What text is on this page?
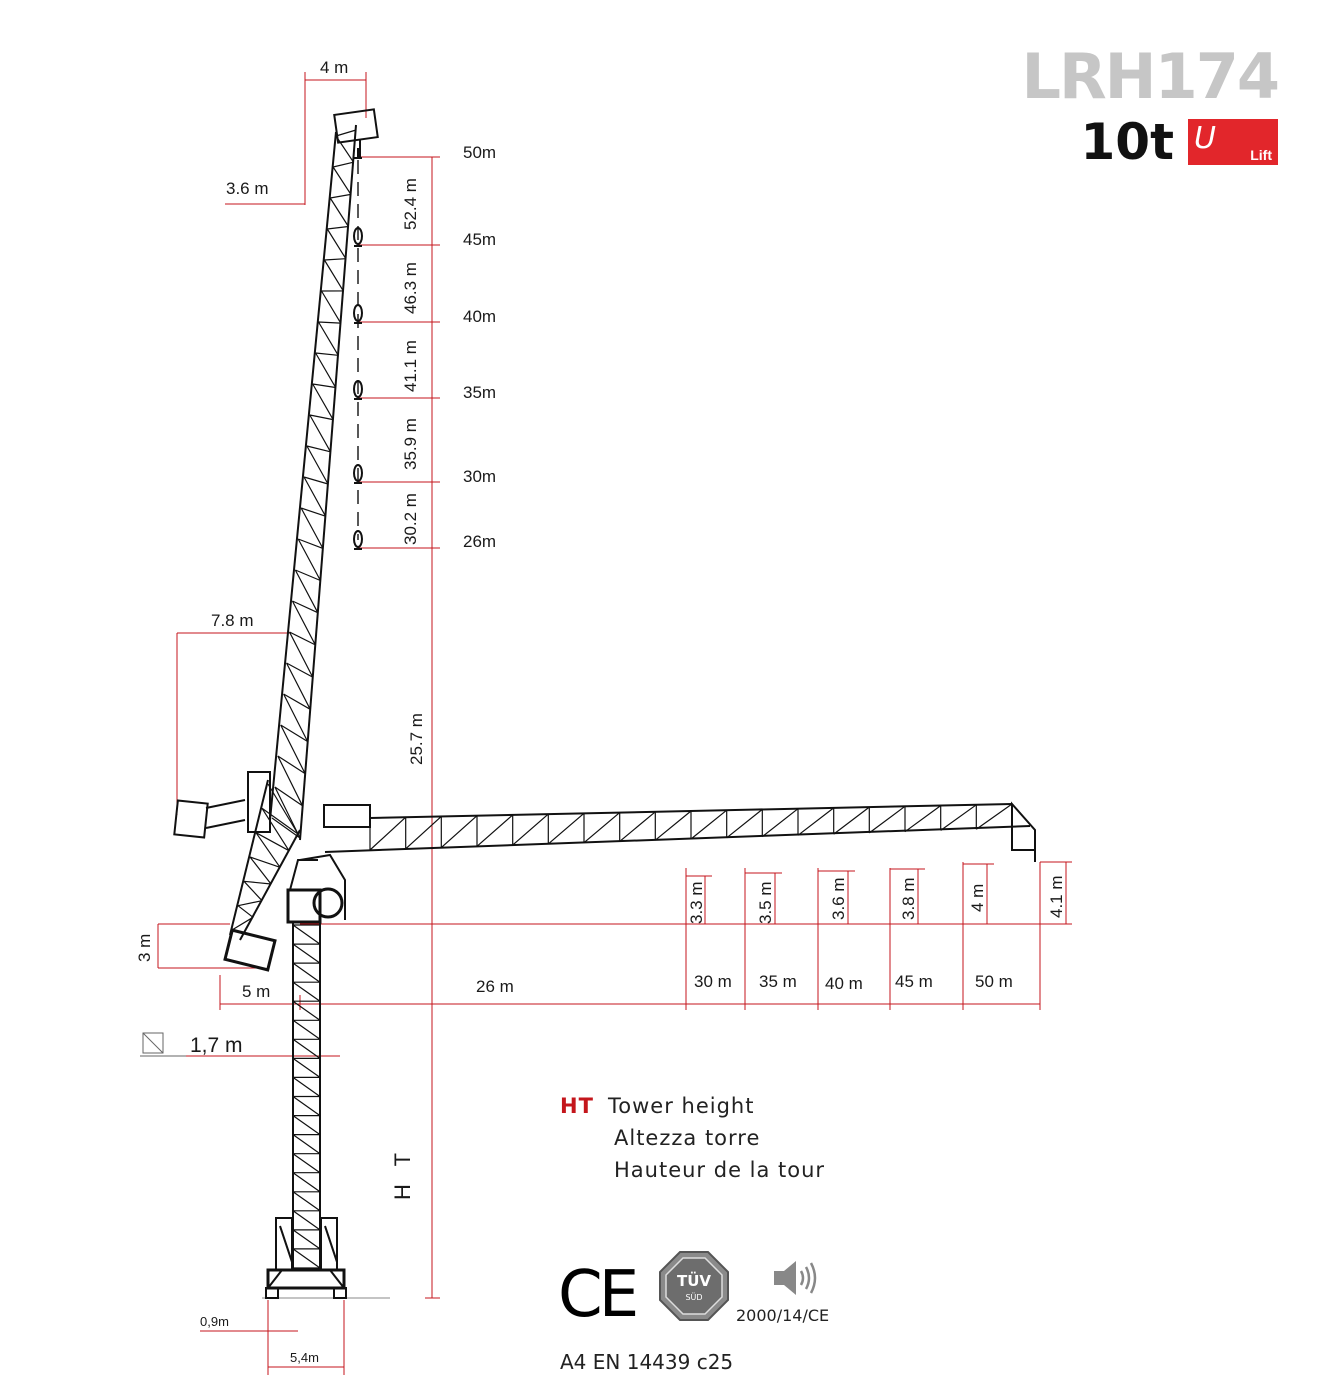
4 m
3.6 m
7.8 m
50m
45m
40m
35m
30m
26m
52.4 m
46.3 m
41.1 m
35.9 m
30.2 m
25.7 m
3.3 m	3.5 m	3.6 m	3.8 m	4 m	4.1 m
26 m	30 m 35 m 40 m 45 m 50 m
3 m
5 m
1,7 m
H T
0,9m
5,4m
LRH174
10t U Lift
HT Tower height
Altezza torre
Hauteur de la tour
CE	TÜV
SÜD
2000/14/CE
A4 EN 14439 c25
